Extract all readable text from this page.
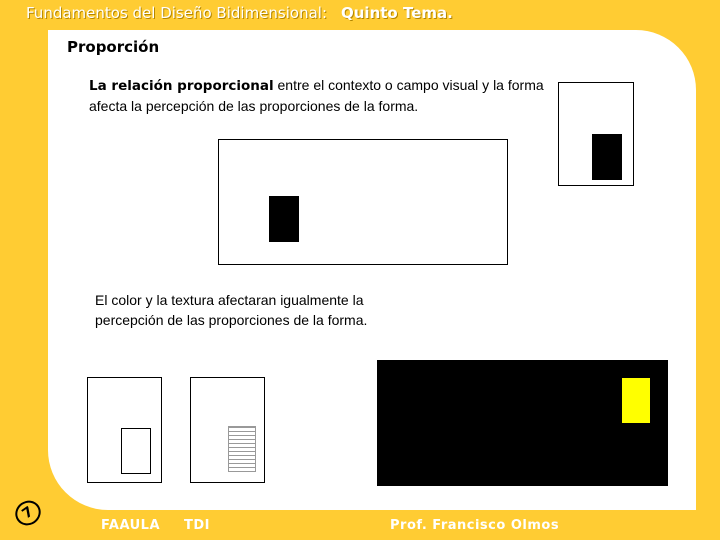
Fundamentos del Diseño Bidimensional: Quinto Tema.
Proporción
La relación proporcional entre el contexto o campo visual y la forma afecta la percepción de las proporciones de la forma.
El color y la textura afectaran igualmente la percepción de las proporciones de la forma.
7
FAAULA TDI	Prof. Francisco Olmos
